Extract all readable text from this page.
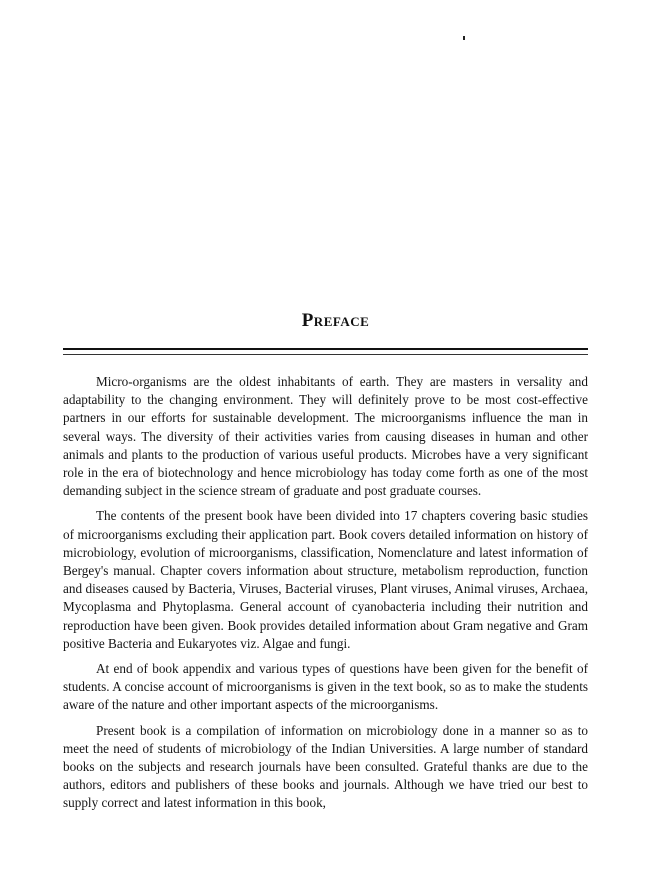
Preface

Micro-organisms are the oldest inhabitants of earth. They are masters in versality and adaptability to the changing environment. They will definitely prove to be most cost-effective partners in our efforts for sustainable development. The microorganisms influence the man in several ways. The diversity of their activities varies from causing diseases in human and other animals and plants to the production of various useful products. Microbes have a very significant role in the era of biotechnology and hence microbiology has today come forth as one of the most demanding subject in the science stream of graduate and post graduate courses.

The contents of the present book have been divided into 17 chapters covering basic studies of microorganisms excluding their application part. Book covers detailed information on history of microbiology, evolution of microorganisms, classification, Nomenclature and latest information of Bergey's manual. Chapter covers information about structure, metabolism reproduction, function and diseases caused by Bacteria, Viruses, Bacterial viruses, Plant viruses, Animal viruses, Archaea, Mycoplasma and Phytoplasma. General account of cyanobacteria including their nutrition and reproduction have been given. Book provides detailed information about Gram negative and Gram positive Bacteria and Eukaryotes viz. Algae and fungi.

At end of book appendix and various types of questions have been given for the benefit of students. A concise account of microorganisms is given in the text book, so as to make the students aware of the nature and other important aspects of the microorganisms.

Present book is a compilation of information on microbiology done in a manner so as to meet the need of students of microbiology of the Indian Universities. A large number of standard books on the subjects and research journals have been consulted. Grateful thanks are due to the authors, editors and publishers of these books and journals. Although we have tried our best to supply correct and latest information in this book,
